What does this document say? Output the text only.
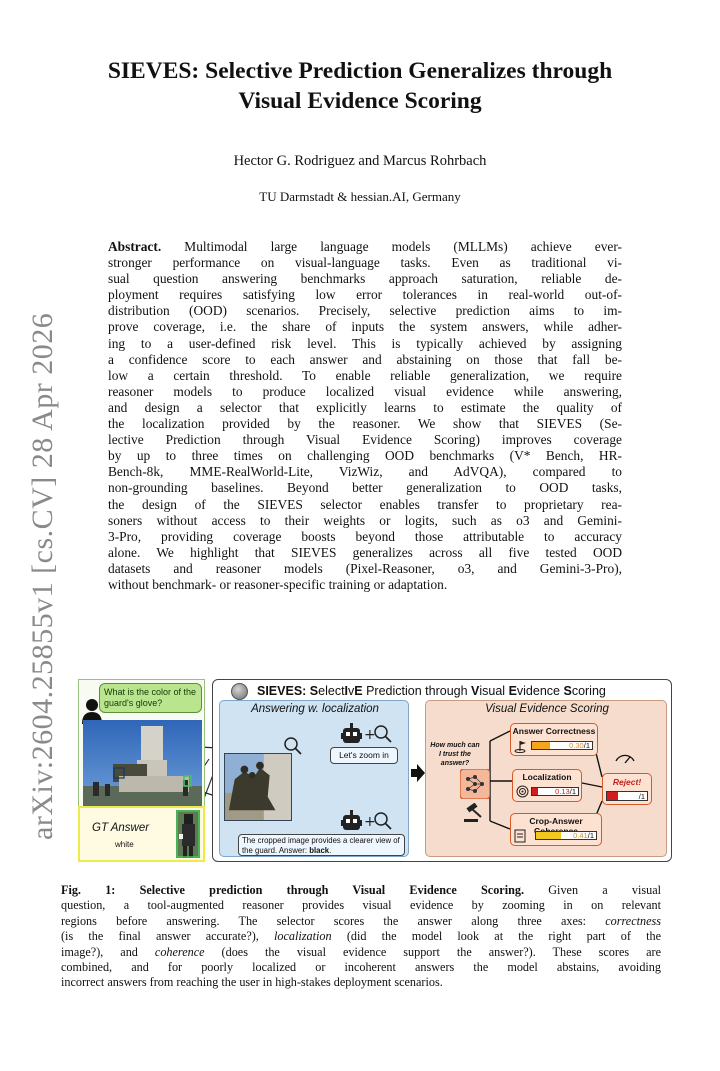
arXiv:2604.25855v1 [cs.CV] 28 Apr 2026
SIEVES: Selective Prediction Generalizes through
Visual Evidence Scoring
Hector G. Rodriguez and Marcus Rohrbach
TU Darmstadt & hessian.AI, Germany
Abstract. Multimodal large language models (MLLMs) achieve ever-
stronger performance on visual-language tasks. Even as traditional vi-
sual question answering benchmarks approach saturation, reliable de-
ployment requires satisfying low error tolerances in real-world out-of-
distribution (OOD) scenarios. Precisely, selective prediction aims to im-
prove coverage, i.e. the share of inputs the system answers, while adher-
ing to a user-defined risk level. This is typically achieved by assigning
a confidence score to each answer and abstaining on those that fall be-
low a certain threshold. To enable reliable generalization, we require
reasoner models to produce localized visual evidence while answering,
and design a selector that explicitly learns to estimate the quality of
the localization provided by the reasoner. We show that SIEVES (Se-
lective Prediction through Visual Evidence Scoring) improves coverage
by up to three times on challenging OOD benchmarks (V* Bench, HR-
Bench-8k, MME-RealWorld-Lite, VizWiz, and AdVQA), compared to
non-grounding baselines. Beyond better generalization to OOD tasks,
the design of the SIEVES selector enables transfer to proprietary rea-
soners without access to their weights or logits, such as o3 and Gemini-
3-Pro, providing coverage boosts beyond those attributable to accuracy
alone. We highlight that SIEVES generalizes across all five tested OOD
datasets and reasoner models (Pixel-Reasoner, o3, and Gemini-3-Pro),
without benchmark- or reasoner-specific training or adaptation.
What is the color of the guard's glove?
GT Answer
white
SIEVES: SelectIvE Prediction through Visual Evidence Scoring
Answering w. localization
+
Let's zoom in
+
The cropped image provides a clearer view of the guard. Answer: black.
Visual Evidence Scoring
How much can I trust the answer?
Answer Correctness
0.30/1
Localization
0.13/1
Crop-Answer
0.41/1
Reject!
0.28/1
Fig. 1: Selective prediction through Visual Evidence Scoring. Given a visual
question, a tool-augmented reasoner provides visual evidence by zooming in on relevant
regions before answering. The selector scores the answer along three axes: correctness
(is the final answer accurate?), localization (did the model look at the right part of the
image?), and coherence (does the visual evidence support the answer?). These scores are
combined, and for poorly localized or incoherent answers the model abstains, avoiding
incorrect answers from reaching the user in high-stakes deployment scenarios.
